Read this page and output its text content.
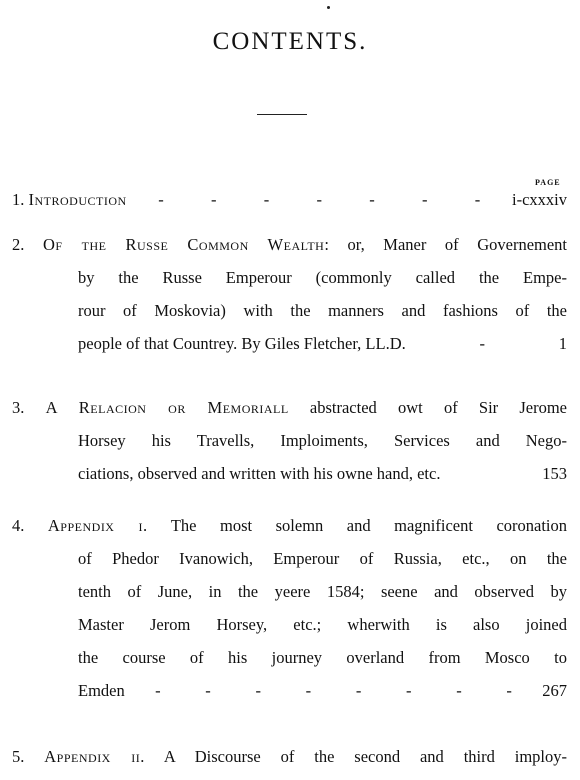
CONTENTS.
PAGE
1.
Introduction -	-	-	-	-	-	- i-cxxxiv
2. Of the Russe Common Wealth: or, Maner of Governement
by the Russe Emperour (commonly called the Empe-
rour of Moskovia) with the manners and fashions of the
people of that Countrey. By Giles Fletcher, LL.D.	-	1
3. A Relacion or Memoriall abstracted owt of Sir Jerome
Horsey his Travells, Imploiments, Services and Nego-
ciations, observed and written with his owne hand, etc.	153
4. Appendix i. The most solemn and magnificent coronation
of Phedor Ivanowich, Emperour of Russia, etc., on the
tenth of June, in the yeere 1584; seene and observed by
Master Jerom Horsey, etc.; wherwith is also joined
the course of his journey overland from Mosco to
Emden -	-	-	-	-	-	-	- 267
5. Appendix ii. A Discourse of the second and third imploy-
